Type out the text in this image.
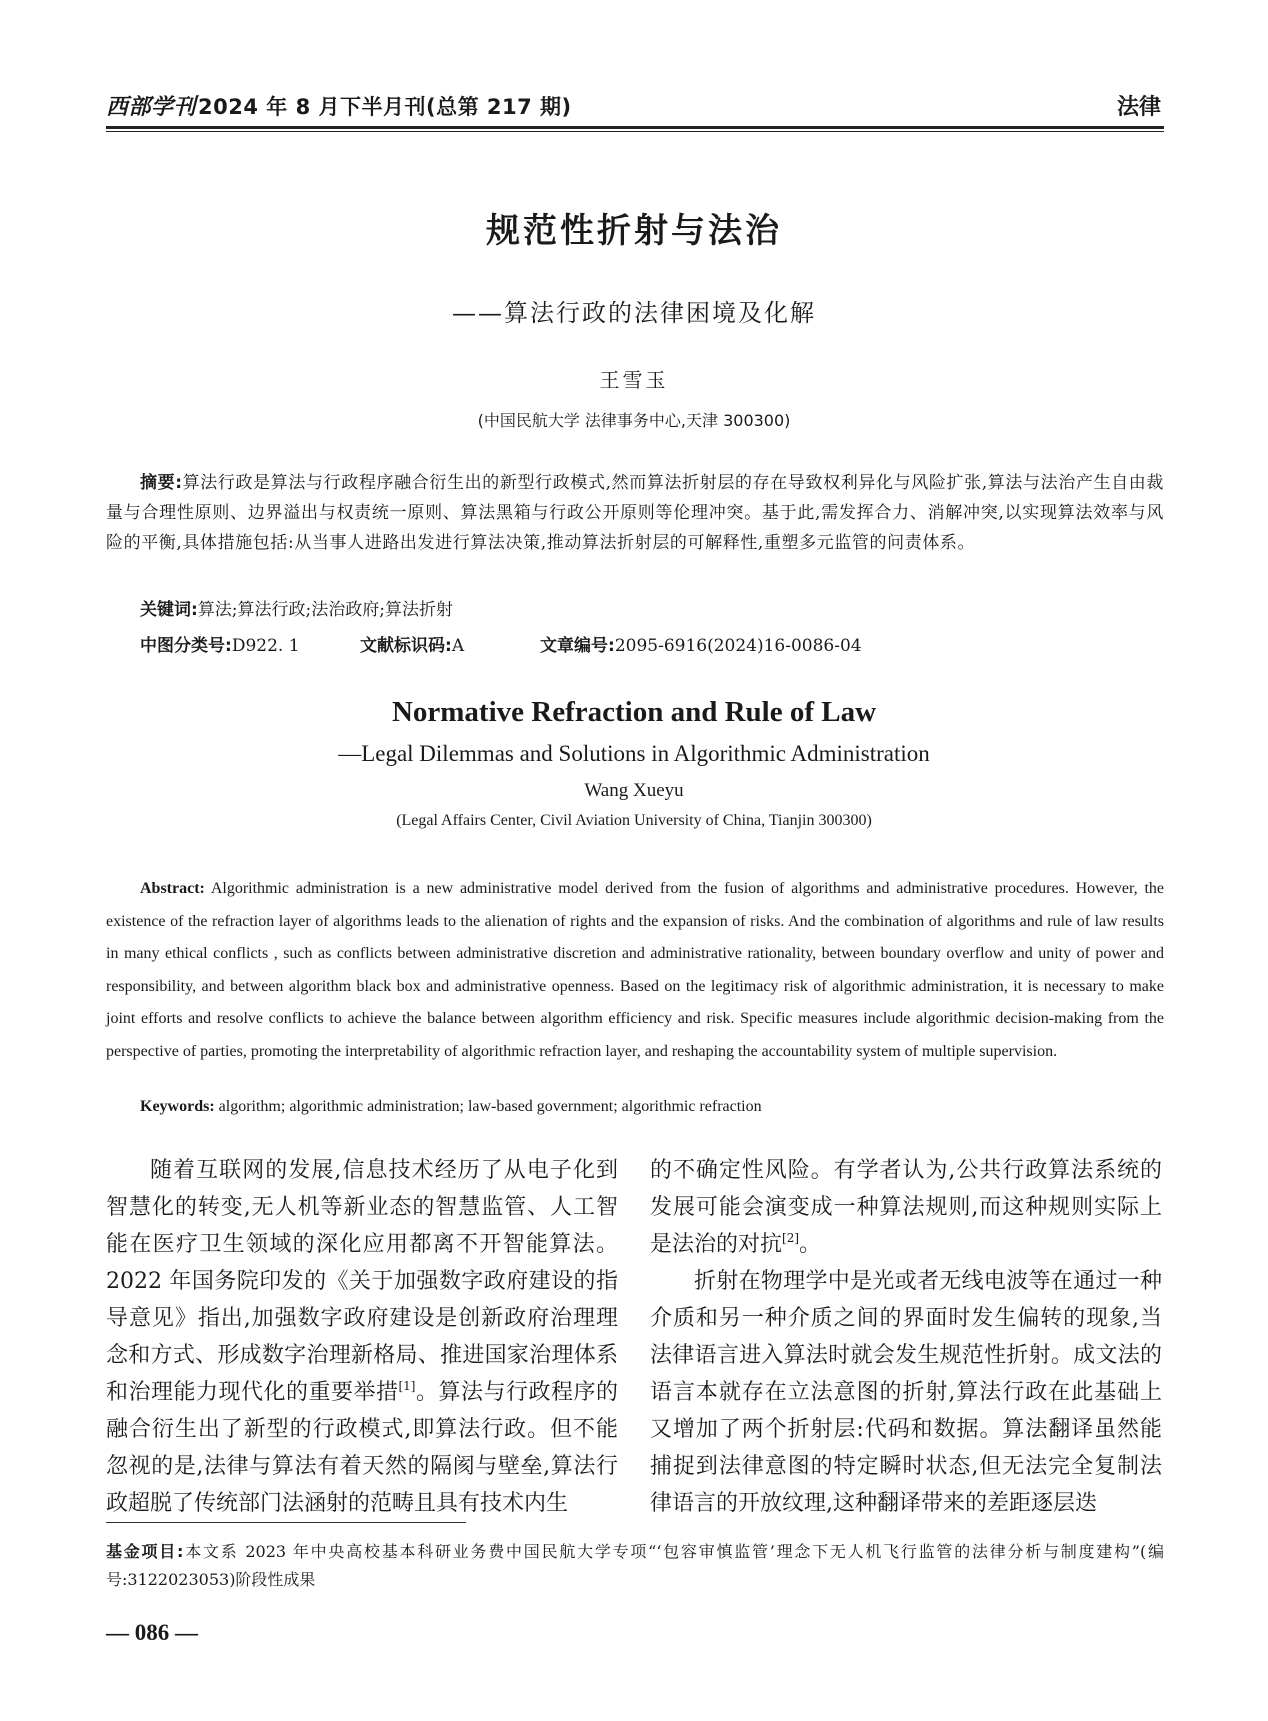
西部学刊2024 年 8 月下半月刊(总第 217 期)	法律
规范性折射与法治
——算法行政的法律困境及化解
王雪玉
(中国民航大学 法律事务中心,天津 300300)
摘要:算法行政是算法与行政程序融合衍生出的新型行政模式,然而算法折射层的存在导致权利异化与风险扩张,算法与法治产生自由裁量与合理性原则、边界溢出与权责统一原则、算法黑箱与行政公开原则等伦理冲突。基于此,需发挥合力、消解冲突,以实现算法效率与风险的平衡,具体措施包括:从当事人进路出发进行算法决策,推动算法折射层的可解释性,重塑多元监管的问责体系。
关键词:算法;算法行政;法治政府;算法折射
中图分类号:D922. 1	文献标识码:A	文章编号:2095-6916(2024)16-0086-04
Normative Refraction and Rule of Law
—Legal Dilemmas and Solutions in Algorithmic Administration
Wang Xueyu
(Legal Affairs Center, Civil Aviation University of China, Tianjin 300300)
Abstract: Algorithmic administration is a new administrative model derived from the fusion of algorithms and administrative procedures. However, the existence of the refraction layer of algorithms leads to the alienation of rights and the expansion of risks. And the combination of algorithms and rule of law results in many ethical conflicts , such as conflicts between administrative discretion and administrative rationality, between boundary overflow and unity of power and responsibility, and between algorithm black box and administrative openness. Based on the legitimacy risk of algorithmic administration, it is necessary to make joint efforts and resolve conflicts to achieve the balance between algorithm efficiency and risk. Specific measures include algorithmic decision-making from the perspective of parties, promoting the interpretability of algorithmic refraction layer, and reshaping the accountability system of multiple supervision.
Keywords: algorithm; algorithmic administration; law-based government; algorithmic refraction

随着互联网的发展,信息技术经历了从电子化到智慧化的转变,无人机等新业态的智慧监管、人工智能在医疗卫生领域的深化应用都离不开智能算法。2022 年国务院印发的《关于加强数字政府建设的指导意见》指出,加强数字政府建设是创新政府治理理念和方式、形成数字治理新格局、推进国家治理体系和治理能力现代化的重要举措[1]。算法与行政程序的融合衍生出了新型的行政模式,即算法行政。但不能忽视的是,法律与算法有着天然的隔阂与壁垒,算法行政超脱了传统部门法涵射的范畴且具有技术内生

的不确定性风险。有学者认为,公共行政算法系统的发展可能会演变成一种算法规则,而这种规则实际上是法治的对抗[2]。

折射在物理学中是光或者无线电波等在通过一种介质和另一种介质之间的界面时发生偏转的现象,当法律语言进入算法时就会发生规范性折射。成文法的语言本就存在立法意图的折射,算法行政在此基础上又增加了两个折射层:代码和数据。算法翻译虽然能捕捉到法律意图的特定瞬时状态,但无法完全复制法律语言的开放纹理,这种翻译带来的差距逐层迭

基金项目:本文系 2023 年中央高校基本科研业务费中国民航大学专项“‘包容审慎监管’理念下无人机飞行监管的法律分析与制度建构”(编号:3122023053)阶段性成果
— 086 —
